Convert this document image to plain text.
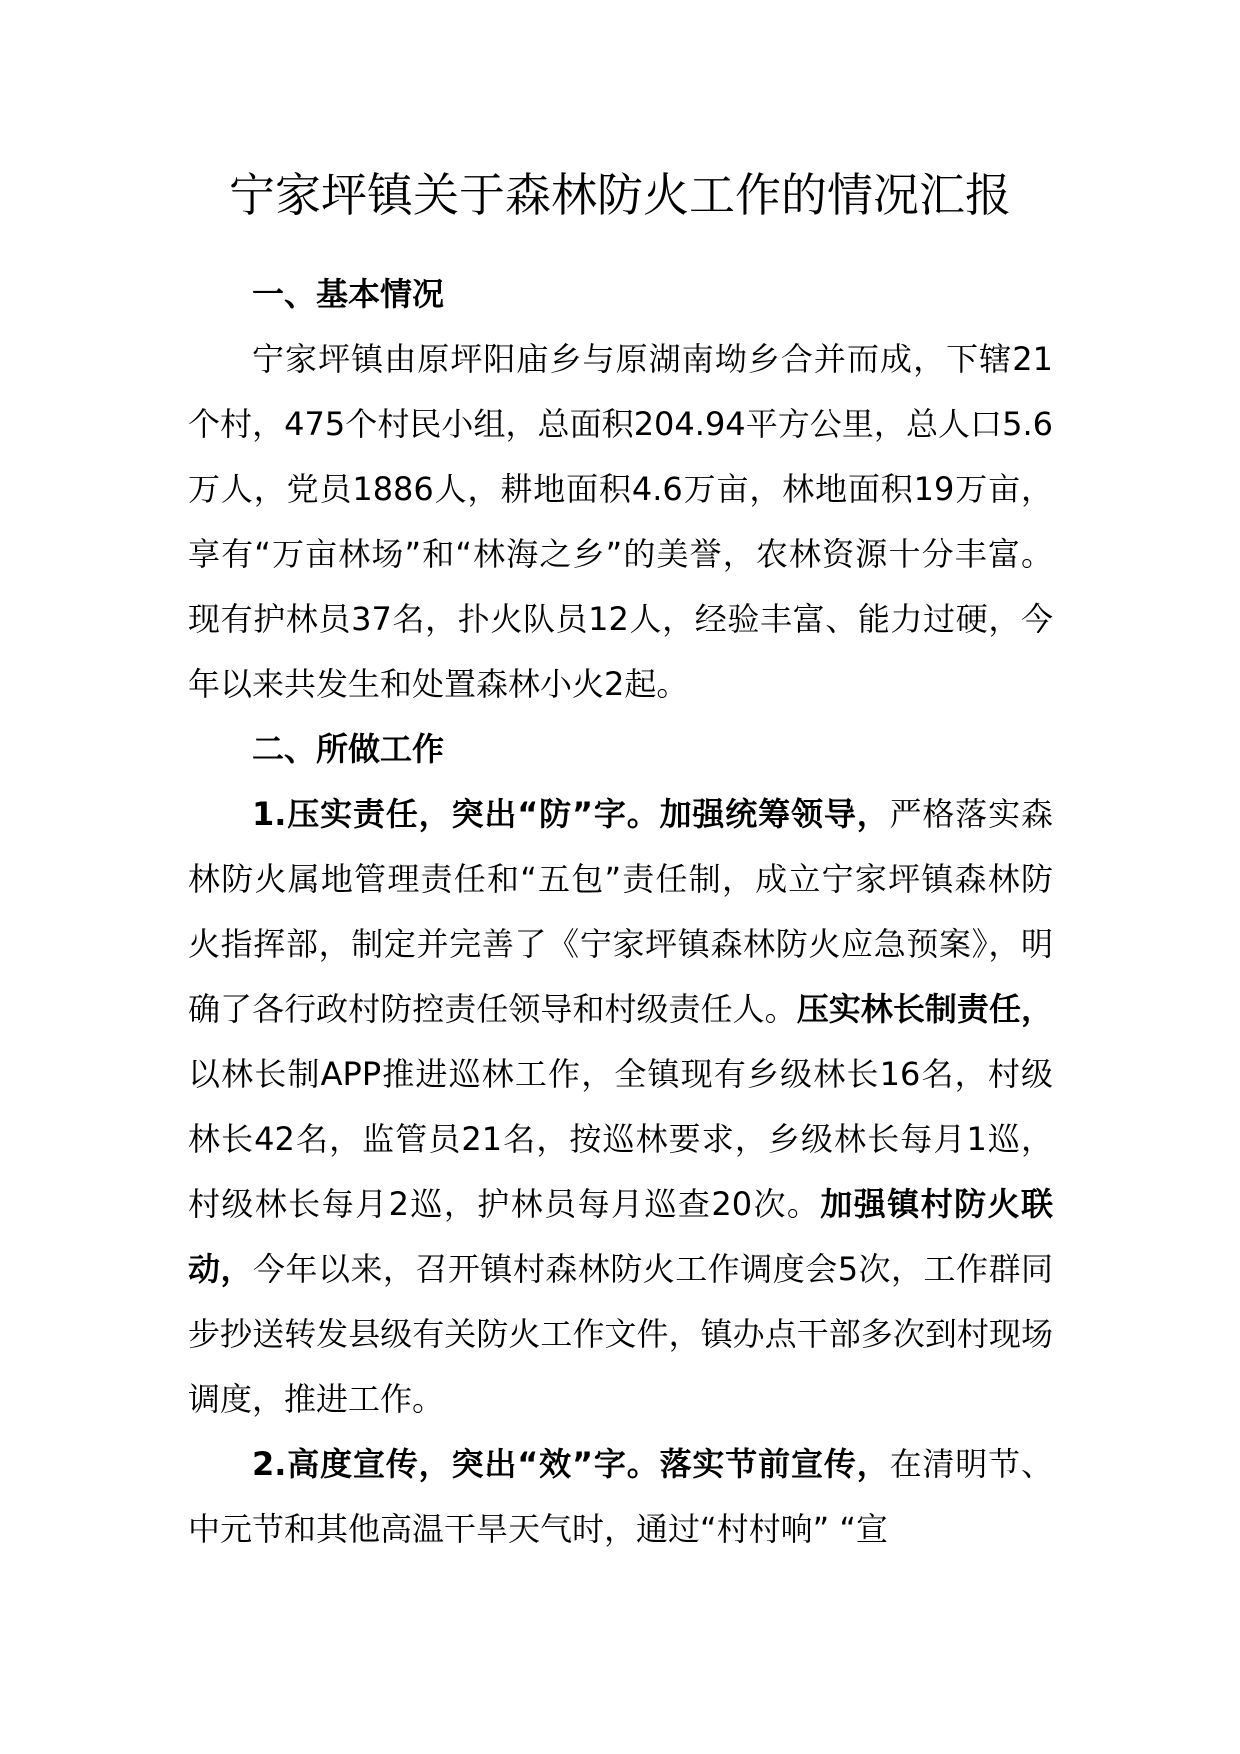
宁家坪镇关于森林防火工作的情况汇报

一、基本情况

宁家坪镇由原坪阳庙乡与原湖南坳乡合并而成，下辖21个村，475个村民小组，总面积204.94平方公里，总人口5.6万人，党员1886人，耕地面积4.6万亩，林地面积19万亩，享有“万亩林场”和“林海之乡”的美誉，农林资源十分丰富。现有护林员37名，扑火队员12人，经验丰富、能力过硬，今年以来共发生和处置森林小火2起。

二、所做工作

1.压实责任，突出“防”字。加强统筹领导，严格落实森林防火属地管理责任和“五包”责任制，成立宁家坪镇森林防火指挥部，制定并完善了《宁家坪镇森林防火应急预案》，明确了各行政村防控责任领导和村级责任人。压实林长制责任，以林长制APP推进巡林工作，全镇现有乡级林长16名，村级林长42名，监管员21名，按巡林要求，乡级林长每月1巡，村级林长每月2巡，护林员每月巡查20次。加强镇村防火联动，今年以来，召开镇村森林防火工作调度会5次，工作群同步抄送转发县级有关防火工作文件，镇办点干部多次到村现场调度，推进工作。

2.高度宣传，突出“效”字。落实节前宣传，在清明节、中元节和其他高温干旱天气时，通过“村村响” “宣
